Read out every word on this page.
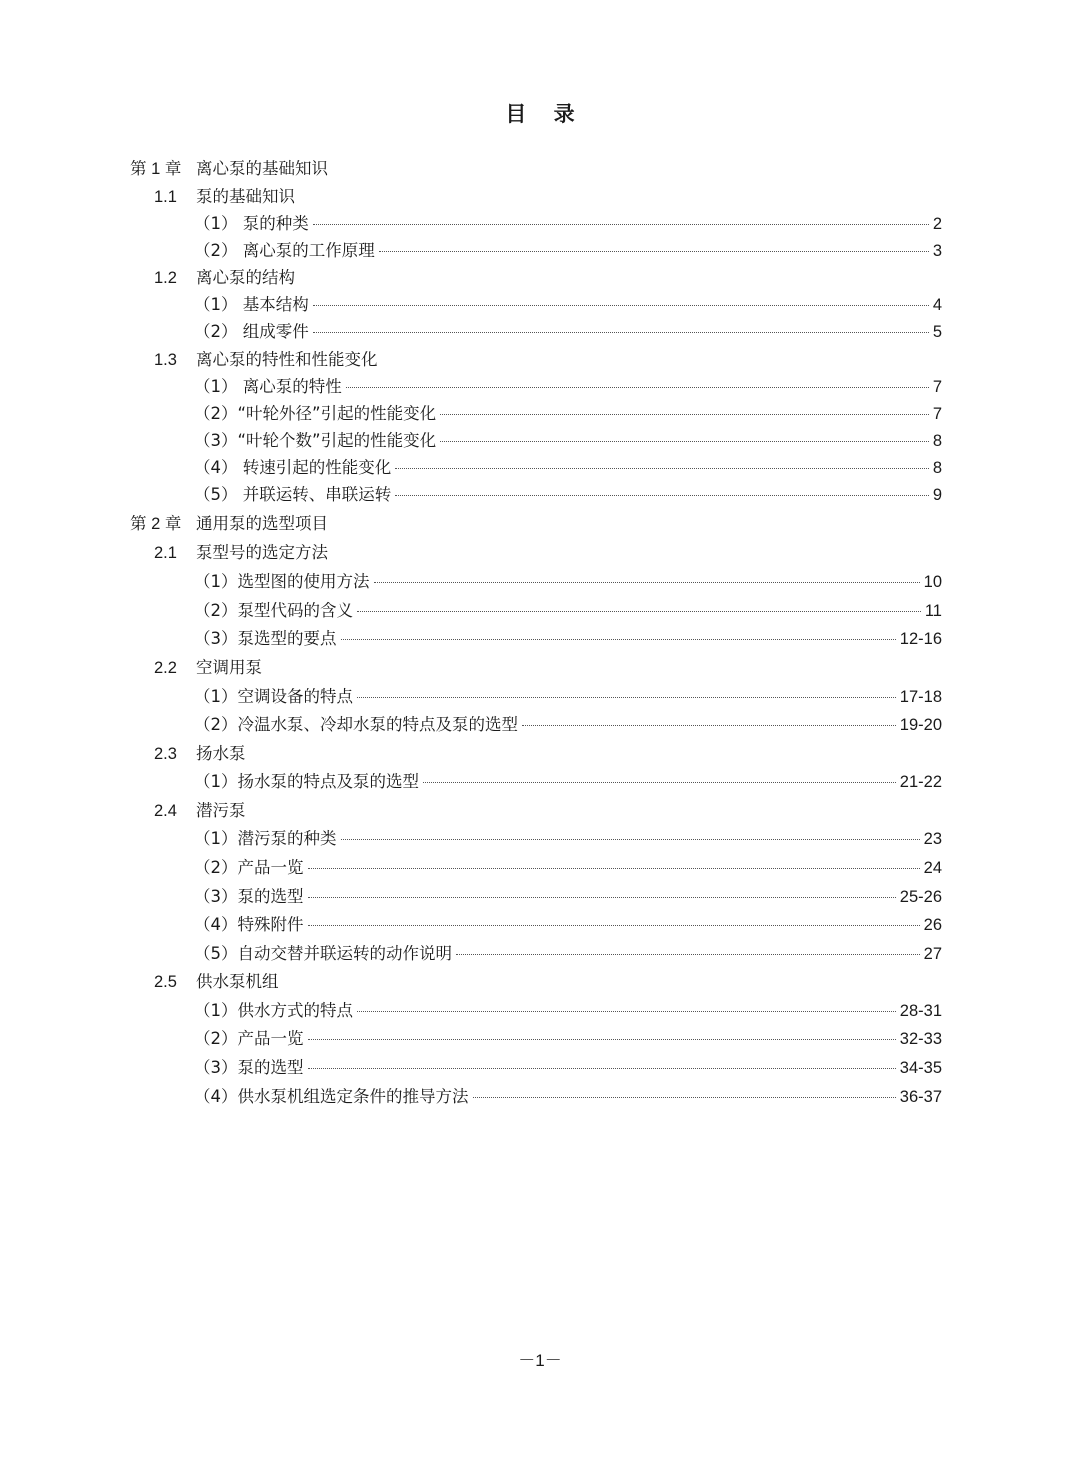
目 录
第 1 章 离心泵的基础知识
1.1	泵的基础知识
（1） 泵的种类	2
（2） 离心泵的工作原理	3
1.2	离心泵的结构
（1） 基本结构	4
（2） 组成零件	5
1.3	离心泵的特性和性能变化
（1） 离心泵的特性	7
（2）“叶轮外径”引起的性能变化	7
（3）“叶轮个数”引起的性能变化	8
（4） 转速引起的性能变化	8
（5） 并联运转、串联运转	9
第 2 章 通用泵的选型项目
2.1	泵型号的选定方法
（1）选型图的使用方法	10
（2）泵型代码的含义	11
（3）泵选型的要点	12-16
2.2	空调用泵
（1）空调设备的特点	17-18
（2）冷温水泵、冷却水泵的特点及泵的选型	19-20
2.3	扬水泵
（1）扬水泵的特点及泵的选型	21-22
2.4	潜污泵
（1）潜污泵的种类	23
（2）产品一览	24
（3）泵的选型	25-26
（4）特殊附件	26
（5）自动交替并联运转的动作说明	27
2.5	供水泵机组
（1）供水方式的特点	28-31
（2）产品一览	32-33
（3）泵的选型	34-35
（4）供水泵机组选定条件的推导方法	36-37
－1－
